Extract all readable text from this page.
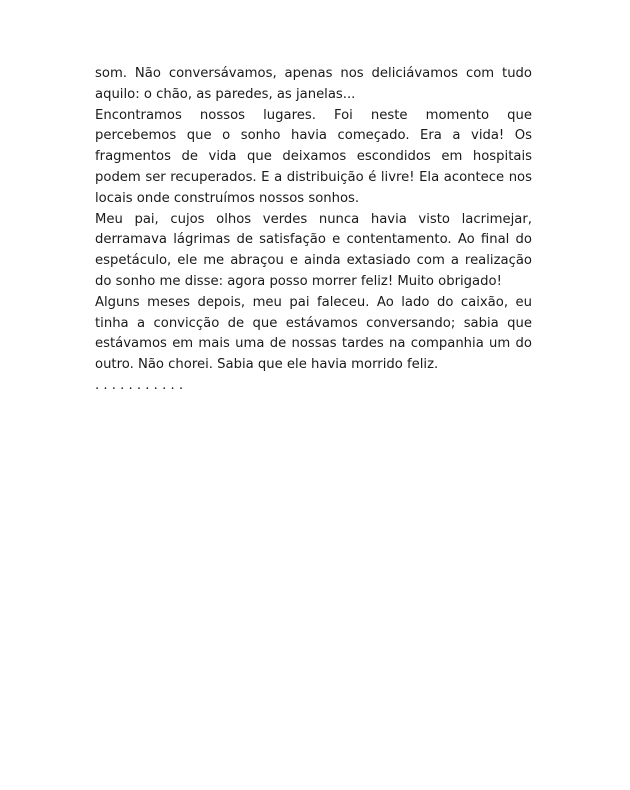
som. Não conversávamos, apenas nos deliciávamos com tudo aquilo: o chão, as paredes, as janelas...

Encontramos nossos lugares. Foi neste momento que percebemos que o sonho havia começado. Era a vida! Os fragmentos de vida que deixamos escondidos em hospitais podem ser recuperados. E a distribuição é livre! Ela acontece nos locais onde construímos nossos sonhos.

Meu pai, cujos olhos verdes nunca havia visto lacrimejar, derramava lágrimas de satisfação e contentamento. Ao final do espetáculo, ele me abraçou e ainda extasiado com a realização do sonho me disse: agora posso morrer feliz! Muito obrigado!

Alguns meses depois, meu pai faleceu. Ao lado do caixão, eu tinha a convicção de que estávamos conversando; sabia que estávamos em mais uma de nossas tardes na companhia um do outro. Não chorei. Sabia que ele havia morrido feliz.

. . . . . . . . . . .
